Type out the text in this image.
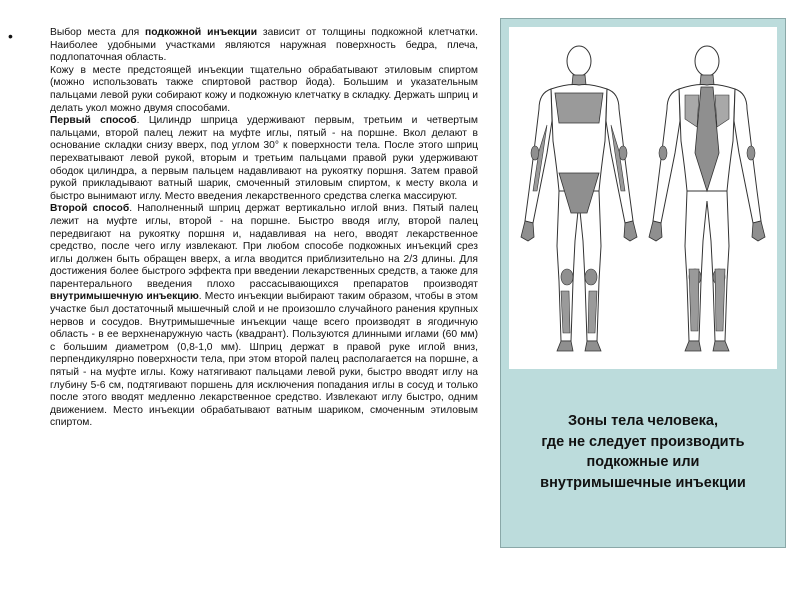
•	Выбор места для подкожной инъекции зависит от толщины подкожной клетчатки. Наиболее удобными участками являются наружная поверхность бедра, плеча, подлопаточная область.

Кожу в месте предстоящей инъекции тщательно обрабатывают этиловым спиртом (можно использовать также спиртовой раствор йода). Большим и указательным пальцами левой руки собирают кожу и подкожную клетчатку в складку. Держать шприц и делать укол можно двумя способами.

Первый способ. Цилиндр шприца удерживают первым, третьим и четвертым пальцами, второй палец лежит на муфте иглы, пятый - на поршне. Вкол делают в основание складки снизу вверх, под углом 30° к поверхности тела. После этого шприц перехватывают левой рукой, вторым и третьим пальцами правой руки удерживают ободок цилиндра, а первым пальцем надавливают на рукоятку поршня. Затем правой рукой прикладывают ватный шарик, смоченный этиловым спиртом, к месту вкола и быстро вынимают иглу. Место введения лекарственного средства слегка массируют.

Второй способ. Наполненный шприц держат вертикально иглой вниз. Пятый палец лежит на муфте иглы, второй - на поршне. Быстро вводя иглу, второй палец передвигают на рукоятку поршня и, надавливая на него, вводят лекарственное средство, после чего иглу извлекают. При любом способе подкожных инъекций срез иглы должен быть обращен вверх, а игла вводится приблизительно на 2/3 длины. Для достижения более быстрого эффекта при введении лекарственных средств, а также для парентерального введения плохо рассасывающихся препаратов производят внутримышечную инъекцию. Место инъекции выбирают таким образом, чтобы в этом участке был достаточный мышечный слой и не произошло случайного ранения крупных нервов и сосудов. Внутримышечные инъекции чаще всего производят в ягодичную область - в ее верхненаружную часть (квадрант). Пользуются длинными иглами (60 мм) с большим диаметром (0,8-1,0 мм). Шприц держат в правой руке иглой вниз, перпендикулярно поверхности тела, при этом второй палец располагается на поршне, а пятый - на муфте иглы. Кожу натягивают пальцами левой руки, быстро вводят иглу на глубину 5-6 см, подтягивают поршень для исключения попадания иглы в сосуд и только после этого вводят медленно лекарственное средство. Извлекают иглу быстро, одним движением. Место инъекции обрабатывают ватным шариком, смоченным этиловым спиртом.	Зоны тела человека,
где не следует производить
подкожные или
внутримышечные инъекции
